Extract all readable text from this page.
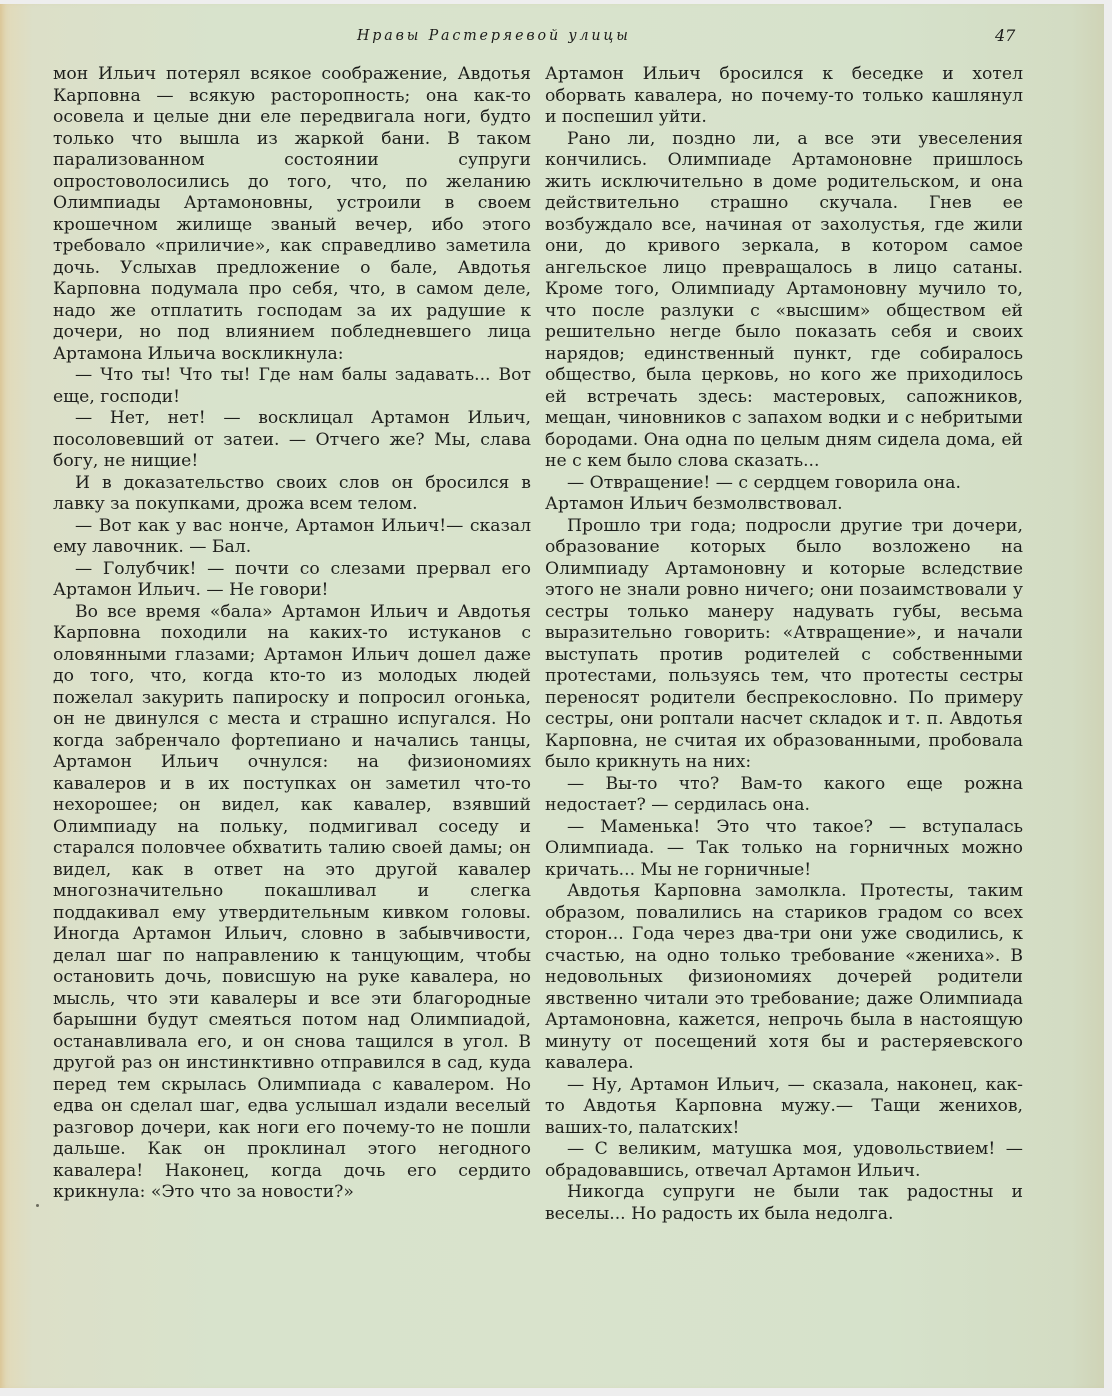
Нравы Растеряевой улицы	47

мон Ильич потерял всякое соображение, Авдотья Карповна — всякую расторопность; она как-то осовела и целые дни еле передвигала ноги, будто только что вышла из жаркой бани. В таком парализованном состоянии супруги опростоволосились до того, что, по желанию Олимпиады Артамоновны, устроили в своем крошечном жилище званый вечер, ибо этого требовало «приличие», как справедливо заметила дочь. Услыхав предложение о бале, Авдотья Карповна подумала про себя, что, в самом деле, надо же отплатить господам за их радушие к дочери, но под влиянием побледневшего лица Артамона Ильича воскликнула:

— Что ты! Что ты! Где нам балы задавать... Вот еще, господи!

— Нет, нет! — восклицал Артамон Ильич, посоловевший от затеи. — Отчего же? Мы, слава богу, не нищие!

И в доказательство своих слов он бросился в лавку за покупками, дрожа всем телом.

— Вот как у вас нонче, Артамон Ильич!— сказал ему лавочник. — Бал.

— Голубчик! — почти со слезами прервал его Артамон Ильич. — Не говори!

Во все время «бала» Артамон Ильич и Авдотья Карповна походили на каких-то истуканов с оловянными глазами; Артамон Ильич дошел даже до того, что, когда кто-то из молодых людей пожелал закурить папироску и попросил огонька, он не двинулся с места и страшно испугался. Но когда забренчало фортепиано и начались танцы, Артамон Ильич очнулся: на физиономиях кавалеров и в их поступках он заметил что-то нехорошее; он видел, как кавалер, взявший Олимпиаду на польку, подмигивал соседу и старался половчее обхватить талию своей дамы; он видел, как в ответ на это другой кавалер многозначительно покашливал и слегка поддакивал ему утвердительным кивком головы. Иногда Артамон Ильич, словно в забывчивости, делал шаг по направлению к танцующим, чтобы остановить дочь, повисшую на руке кавалера, но мысль, что эти кавалеры и все эти благородные барышни будут смеяться потом над Олимпиадой, останавливала его, и он снова тащился в угол. В другой раз он инстинктивно отправился в сад, куда перед тем скрылась Олимпиада с кавалером. Но едва он сделал шаг, едва услышал издали веселый разговор дочери, как ноги его почему-то не пошли дальше. Как он проклинал этого негодного кавалера! Наконец, когда дочь его сердито крикнула: «Это что за новости?»

Артамон Ильич бросился к беседке и хотел оборвать кавалера, но почему-то только кашлянул и поспешил уйти.

Рано ли, поздно ли, а все эти увеселения кончились. Олимпиаде Артамоновне пришлось жить исключительно в доме родительском, и она действительно страшно скучала. Гнев ее возбуждало все, начиная от захолустья, где жили они, до кривого зеркала, в котором самое ангельское лицо превращалось в лицо сатаны. Кроме того, Олимпиаду Артамоновну мучило то, что после разлуки с «высшим» обществом ей решительно негде было показать себя и своих нарядов; единственный пункт, где собиралось общество, была церковь, но кого же приходилось ей встречать здесь: мастеровых, сапожников, мещан, чиновников с запахом водки и с небритыми бородами. Она одна по целым дням сидела дома, ей не с кем было слова сказать...

— Отвращение! — с сердцем говорила она.

Артамон Ильич безмолвствовал.

Прошло три года; подросли другие три дочери, образование которых было возложено на Олимпиаду Артамоновну и которые вследствие этого не знали ровно ничего; они позаимствовали у сестры только манеру надувать губы, весьма выразительно говорить: «Атвращение», и начали выступать против родителей с собственными протестами, пользуясь тем, что протесты сестры переносят родители беспрекословно. По примеру сестры, они роптали насчет складок и т. п. Авдотья Карповна, не считая их образованными, пробовала было крикнуть на них:

— Вы-то что? Вам-то какого еще рожна недостает? — сердилась она.

— Маменька! Это что такое? — вступалась Олимпиада. — Так только на горничных можно кричать... Мы не горничные!

Авдотья Карповна замолкла. Протесты, таким образом, повалились на стариков градом со всех сторон... Года через два-три они уже сводились, к счастью, на одно только требование «жениха». В недовольных физиономиях дочерей родители явственно читали это требование; даже Олимпиада Артамоновна, кажется, непрочь была в настоящую минуту от посещений хотя бы и растеряевского кавалера.

— Ну, Артамон Ильич, — сказала, наконец, как-то Авдотья Карповна мужу.— Тащи женихов, ваших-то, палатских!

— С великим, матушка моя, удовольствием! — обрадовавшись, отвечал Артамон Ильич.

Никогда супруги не были так радостны и веселы... Но радость их была недолга.
